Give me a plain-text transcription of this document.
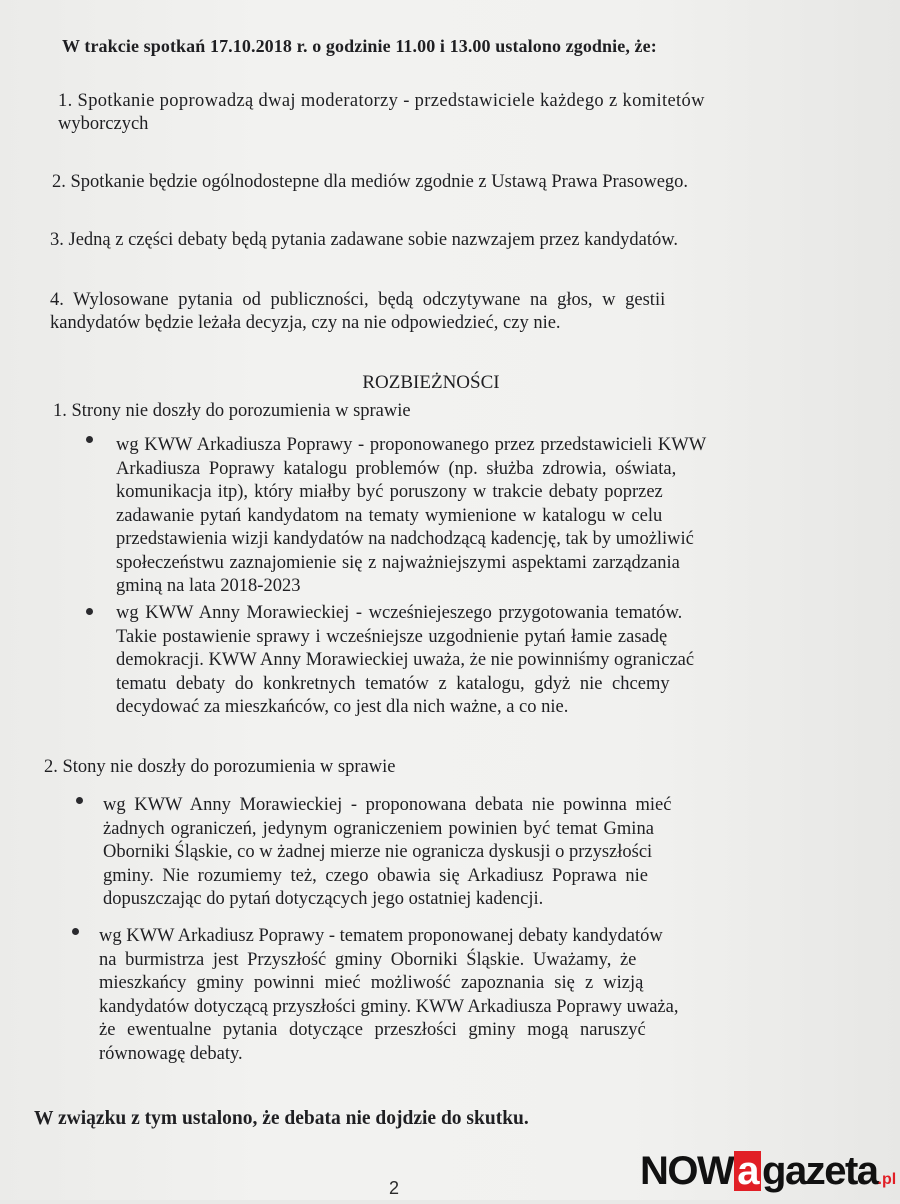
W trakcie spotkań 17.10.2018 r. o godzinie 11.00 i 13.00 ustalono zgodnie, że:
1. Spotkanie poprowadzą dwaj moderatorzy - przedstawiciele każdego z komitetów
wyborczych
2. Spotkanie będzie ogólnodostepne dla mediów zgodnie z Ustawą Prawa Prasowego.
3. Jedną z części debaty będą pytania zadawane sobie nazwzajem przez kandydatów.
4. Wylosowane pytania od publiczności, będą odczytywane na głos, w gestii
kandydatów będzie leżała decyzja, czy na nie odpowiedzieć, czy nie.
ROZBIEŻNOŚCI
1. Strony nie doszły do porozumienia w sprawie
wg KWW Arkadiusza Poprawy - proponowanego przez przedstawicieli KWW
Arkadiusza Poprawy katalogu problemów (np. służba zdrowia, oświata,
komunikacja itp), który miałby być poruszony w trakcie debaty poprzez
zadawanie pytań kandydatom na tematy wymienione w katalogu w celu
przedstawienia wizji kandydatów na nadchodzącą kadencję, tak by umożliwić
społeczeństwu zaznajomienie się z najważniejszymi aspektami zarządzania
gminą na lata 2018-2023
wg KWW Anny Morawieckiej - wcześniejeszego przygotowania tematów.
Takie postawienie sprawy i wcześniejsze uzgodnienie pytań łamie zasadę
demokracji. KWW Anny Morawieckiej uważa, że nie powinniśmy ograniczać
tematu debaty do konkretnych tematów z katalogu, gdyż nie chcemy
decydować za mieszkańców, co jest dla nich ważne, a co nie.
2. Stony nie doszły do porozumienia w sprawie
wg KWW Anny Morawieckiej - proponowana debata nie powinna mieć
żadnych ograniczeń, jedynym ograniczeniem powinien być temat Gmina
Oborniki Śląskie, co w żadnej mierze nie ogranicza dyskusji o przyszłości
gminy. Nie rozumiemy też, czego obawia się Arkadiusz Poprawa nie
dopuszczając do pytań dotyczących jego ostatniej kadencji.
wg KWW Arkadiusz Poprawy - tematem proponowanej debaty kandydatów
na burmistrza jest Przyszłość gminy Oborniki Śląskie. Uważamy, że
mieszkańcy gminy powinni mieć możliwość zapoznania się z wizją
kandydatów dotyczącą przyszłości gminy. KWW Arkadiusza Poprawy uważa,
że ewentualne pytania dotyczące przeszłości gminy mogą naruszyć
równowagę debaty.
W związku z tym ustalono, że debata nie dojdzie do skutku.
2	NOW a gazeta.pl
